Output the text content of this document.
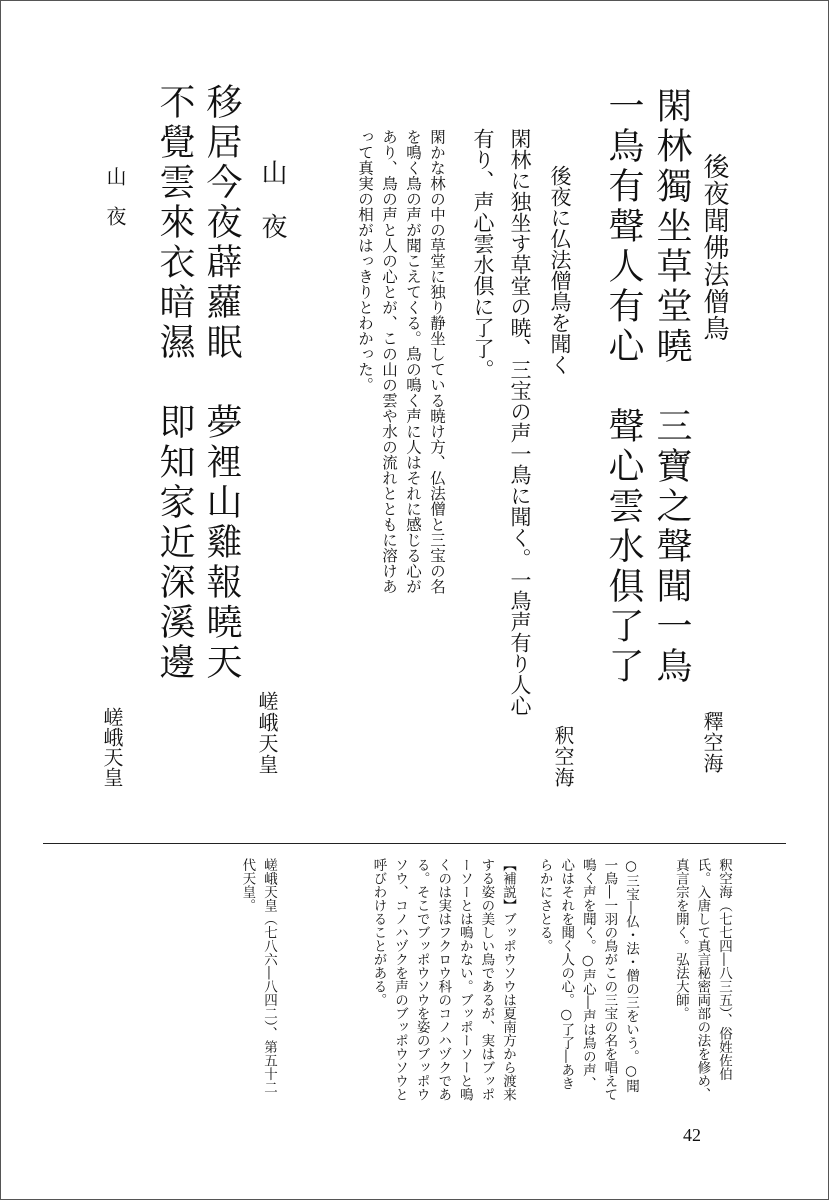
後夜聞佛法僧鳥
閑林獨坐草堂曉　三寶之聲聞一鳥
一鳥有聲人有心　聲心雲水俱了了
釋空海
後夜に仏法僧鳥を聞く
閑林に独坐す草堂の暁、三宝の声一鳥に聞く。一鳥声有り人心
有り、声心雲水倶に了了。
釈空海
閑かな林の中の草堂に独り静坐している暁け方、仏法僧と三宝の名を鳴く鳥の声が聞こえてくる。鳥の鳴く声に人はそれに感じる心があり、鳥の声と人の心とが、この山の雲や水の流れとともに溶けあって真実の相がはっきりとわかった。
山　夜
嵯峨天皇
移居今夜薜蘿眠　夢裡山雞報曉天
不覺雲來衣暗濕　即知家近深溪邊
山　夜
嵯峨天皇
釈空海（七七四―八三五）、俗姓佐伯氏。入唐して真言秘密両部の法を修め、真言宗を開く。弘法大師。
○三宝―仏・法・僧の三をいう。○聞一鳥―一羽の鳥がこの三宝の名を唱えて鳴く声を聞く。○声心―声は鳥の声、心はそれを聞く人の心。○了了―あきらかにさとる。
【補説】ブッポウソウは夏南方から渡来する姿の美しい鳥であるが、実はブッポーソーとは鳴かない。ブッポーソーと鳴くのは実はフクロウ科のコノハヅクである。そこでブッポウソウを姿のブッポウソウ、コノハヅクを声のブッポウソウと呼びわけることがある。
嵯峨天皇（七八六―八四二）、第五十二代天皇。
42
